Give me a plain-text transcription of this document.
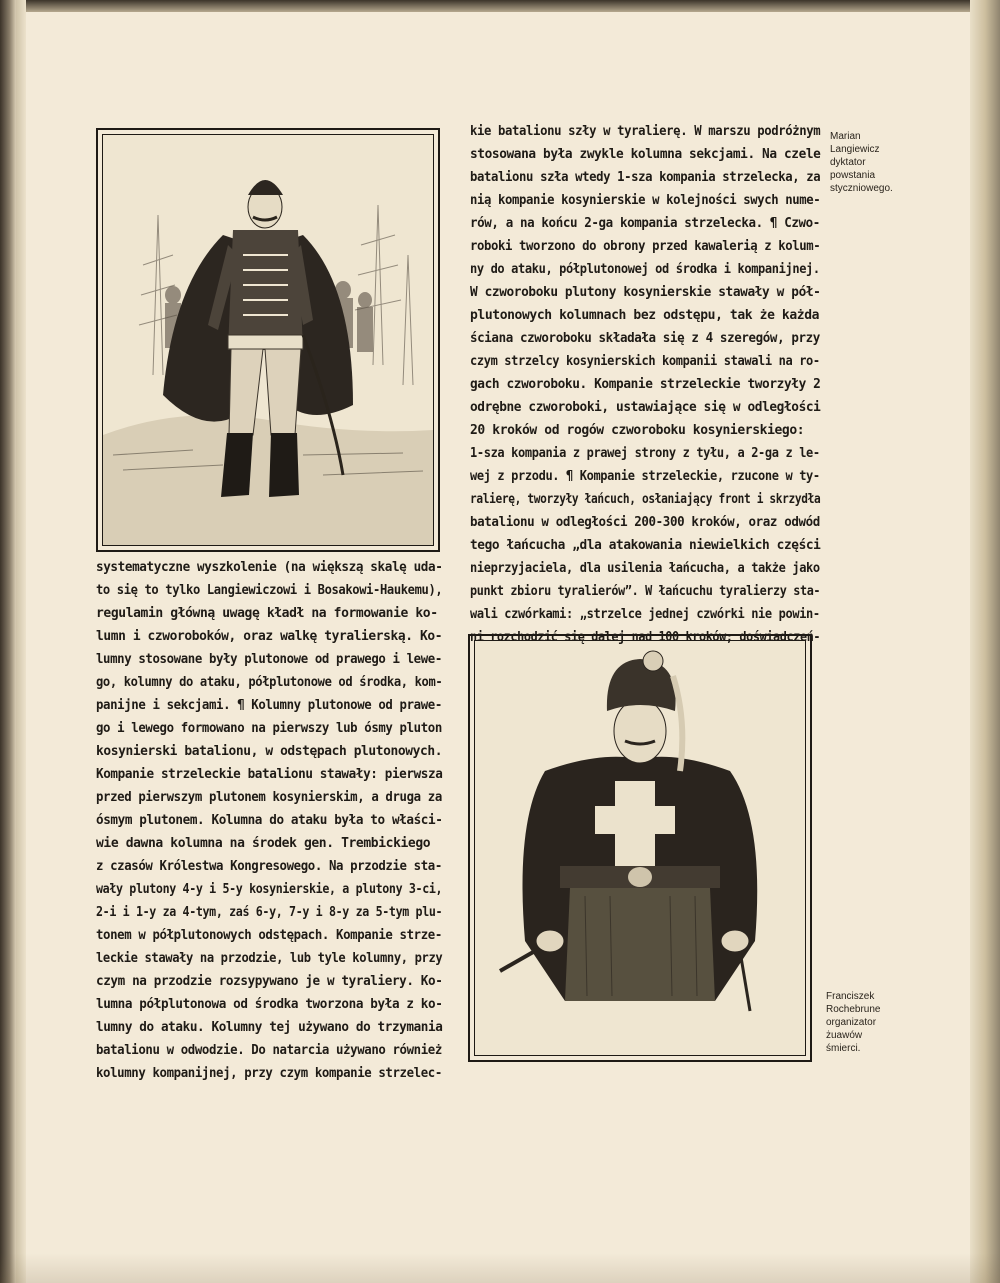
systematyczne wyszkolenie (na większą skalę uda-
to się to tylko Langiewiczowi i Bosakowi-Haukemu),
regulamin główną uwagę kładł na formowanie ko-
lumn i czworoboków, oraz walkę tyralierską. Ko-
lumny stosowane były plutonowe od prawego i lewe-
go, kolumny do ataku, półplutonowe od środka, kom-
panijne i sekcjami. ¶ Kolumny plutonowe od prawe-
go i lewego formowano na pierwszy lub ósmy pluton
kosynierski batalionu, w odstępach plutonowych.
Kompanie strzeleckie batalionu stawały: pierwsza
przed pierwszym plutonem kosynierskim, a druga za
ósmym plutonem. Kolumna do ataku była to właści-
wie dawna kolumna na środek gen. Trembickiego
z czasów Królestwa Kongresowego. Na przodzie sta-
wały plutony 4-y i 5-y kosynierskie, a plutony 3-ci,
2-i i 1-y za 4-tym, zaś 6-y, 7-y i 8-y za 5-tym plu-
tonem w półplutonowych odstępach. Kompanie strze-
leckie stawały na przodzie, lub tyle kolumny, przy
czym na przodzie rozsypywano je w tyraliery. Ko-
lumna półplutonowa od środka tworzona była z ko-
lumny do ataku. Kolumny tej używano do trzymania
batalionu w odwodzie. Do natarcia używano również
kolumny kompanijnej, przy czym kompanie strzelec-
kie batalionu szły w tyralierę. W marszu podróżnym
stosowana była zwykle kolumna sekcjami. Na czele
batalionu szła wtedy 1-sza kompania strzelecka, za
nią kompanie kosynierskie w kolejności swych nume-
rów, a na końcu 2-ga kompania strzelecka. ¶ Czwo-
roboki tworzono do obrony przed kawalerią z kolum-
ny do ataku, półplutonowej od środka i kompanijnej.
W czworoboku plutony kosynierskie stawały w pół-
plutonowych kolumnach bez odstępu, tak że każda
ściana czworoboku składała się z 4 szeregów, przy
czym strzelcy kosynierskich kompanii stawali na ro-
gach czworoboku. Kompanie strzeleckie tworzyły 2
odrębne czworoboki, ustawiające się w odległości
20 kroków od rogów czworoboku kosynierskiego:
1-sza kompania z prawej strony z tyłu, a 2-ga z le-
wej z przodu. ¶ Kompanie strzeleckie, rzucone w ty-
ralierę, tworzyły łańcuch, osłaniający front i skrzydła
batalionu w odległości 200-300 kroków, oraz odwód
tego łańcucha „dla atakowania niewielkich części
nieprzyjaciela, dla usilenia łańcucha, a także jako
punkt zbioru tyralierów”. W łańcuchu tyralierzy sta-
wali czwórkami: „strzelce jednej czwórki nie powin-
ni rozchodzić się dalej nad 100 kroków; doświadczeń-
Marian
Langiewicz
dyktator
powstania
styczniowego.
Franciszek
Rochebrune
organizator
żuawów
śmierci.
